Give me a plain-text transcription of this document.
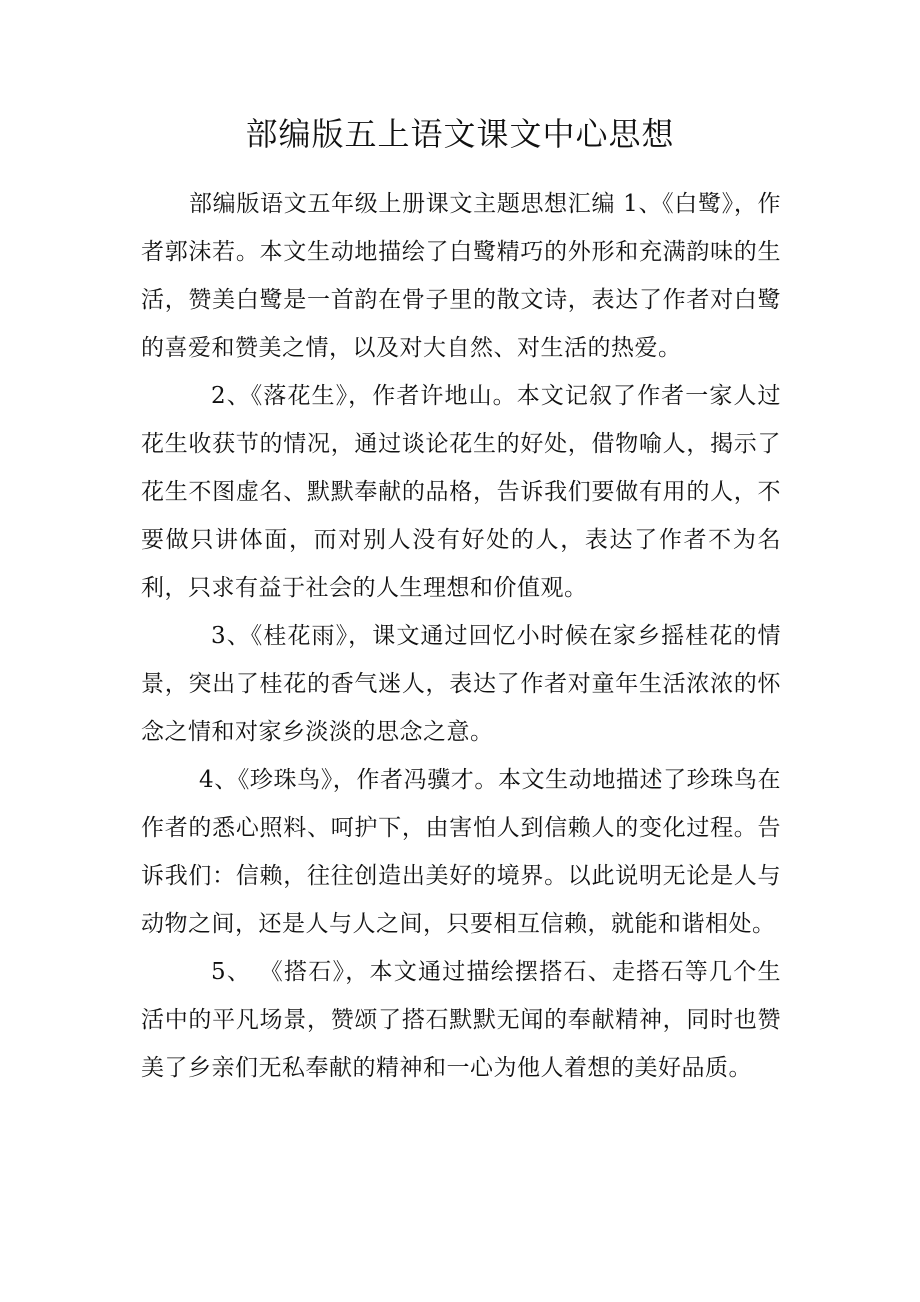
部编版五上语文课文中心思想

部编版语文五年级上册课文主题思想汇编 1、《白鹭》，作者郭沫若。本文生动地描绘了白鹭精巧的外形和充满韵味的生活，赞美白鹭是一首韵在骨子里的散文诗，表达了作者对白鹭的喜爱和赞美之情，以及对大自然、对生活的热爱。

2、《落花生》，作者许地山。本文记叙了作者一家人过花生收获节的情况，通过谈论花生的好处，借物喻人，揭示了花生不图虚名、默默奉献的品格，告诉我们要做有用的人，不要做只讲体面，而对别人没有好处的人，表达了作者不为名利，只求有益于社会的人生理想和价值观。

3、《桂花雨》，课文通过回忆小时候在家乡摇桂花的情景，突出了桂花的香气迷人，表达了作者对童年生活浓浓的怀念之情和对家乡淡淡的思念之意。

4、《珍珠鸟》，作者冯骥才。本文生动地描述了珍珠鸟在作者的悉心照料、呵护下，由害怕人到信赖人的变化过程。告诉我们：信赖，往往创造出美好的境界。以此说明无论是人与动物之间，还是人与人之间，只要相互信赖，就能和谐相处。

5、 《搭石》，本文通过描绘摆搭石、走搭石等几个生活中的平凡场景，赞颂了搭石默默无闻的奉献精神，同时也赞美了乡亲们无私奉献的精神和一心为他人着想的美好品质。
